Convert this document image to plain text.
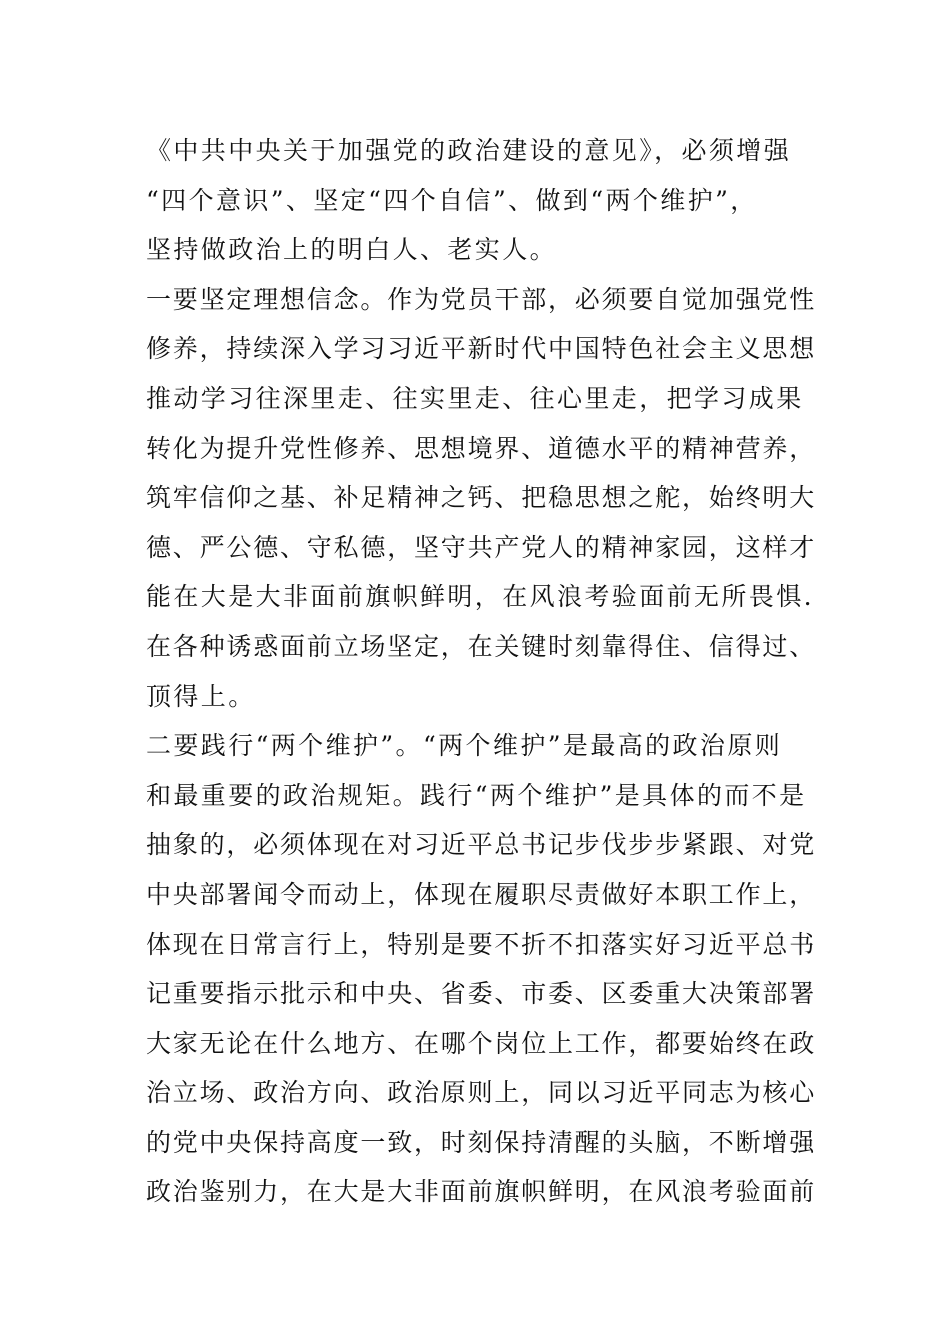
《中共中央关于加强党的政治建设的意见》，必须增强
“四个意识”、坚定“四个自信”、做到“两个维护”，
坚持做政治上的明白人、老实人。
一要坚定理想信念。作为党员干部，必须要自觉加强党性
修养，持续深入学习习近平新时代中国特色社会主义思想
推动学习往深里走、往实里走、往心里走，把学习成果
转化为提升党性修养、思想境界、道德水平的精神营养，
筑牢信仰之基、补足精神之钙、把稳思想之舵，始终明大
德、严公德、守私德，坚守共产党人的精神家园，这样才
能在大是大非面前旗帜鲜明，在风浪考验面前无所畏惧.
在各种诱惑面前立场坚定，在关键时刻靠得住、信得过、
顶得上。
二要践行“两个维护”。“两个维护”是最高的政治原则
和最重要的政治规矩。践行“两个维护”是具体的而不是
抽象的，必须体现在对习近平总书记步伐步步紧跟、对党
中央部署闻令而动上，体现在履职尽责做好本职工作上，
体现在日常言行上，特别是要不折不扣落实好习近平总书
记重要指示批示和中央、省委、市委、区委重大决策部署
大家无论在什么地方、在哪个岗位上工作，都要始终在政
治立场、政治方向、政治原则上，同以习近平同志为核心
的党中央保持高度一致，时刻保持清醒的头脑，不断增强
政治鉴别力，在大是大非面前旗帜鲜明，在风浪考验面前
